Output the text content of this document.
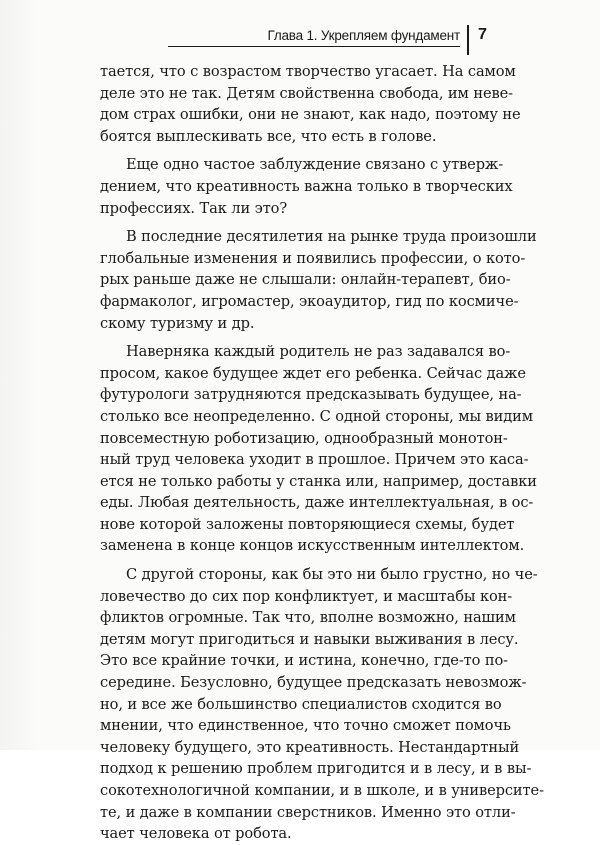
Глава 1. Укрепляем фундамент 7
тается, что с возрастом творчество угасает. На самом
деле это не так. Детям свойственна свобода, им невe-
дом страх ошибки, они не знают, как надо, поэтому не
боятся выплескивать все, что есть в голове.
Еще одно частое заблуждение связано с утверж-
дением, что креативность важна только в творческих
профессиях. Так ли это?
В последние десятилетия на рынке труда произошли
глобальные изменения и появились профессии, о кото-
рых раньше даже не слышали: онлайн-терапевт, био-
фармаколог, игромастер, экоаудитор, гид по космиче-
скому туризму и др.
Наверняка каждый родитель не раз задавался во-
просом, какое будущее ждет его ребенка. Сейчас даже
футурологи затрудняются предсказывать будущее, на-
столько все неопределенно. С одной стороны, мы видим
повсеместную роботизацию, однообразный монотон-
ный труд человека уходит в прошлое. Причем это каса-
ется не только работы у станка или, например, доставки
еды. Любая деятельность, даже интеллектуальная, в ос-
нове которой заложены повторяющиеся схемы, будет
заменена в конце концов искусственным интеллектом.
С другой стороны, как бы это ни было грустно, но че-
ловечество до сих пор конфликтует, и масштабы кон-
фликтов огромные. Так что, вполне возможно, нашим
детям могут пригодиться и навыки выживания в лесу.
Это все крайние точки, и истина, конечно, где-то по-
середине. Безусловно, будущее предсказать невозмож-
но, и все же большинство специалистов сходится во
мнении, что единственное, что точно сможет помочь
человеку будущего, это креативность. Нестандартный
подход к решению проблем пригодится и в лесу, и в вы-
сокотехнологичной компании, и в школе, и в университе-
те, и даже в компании сверстников. Именно это отли-
чает человека от робота.
